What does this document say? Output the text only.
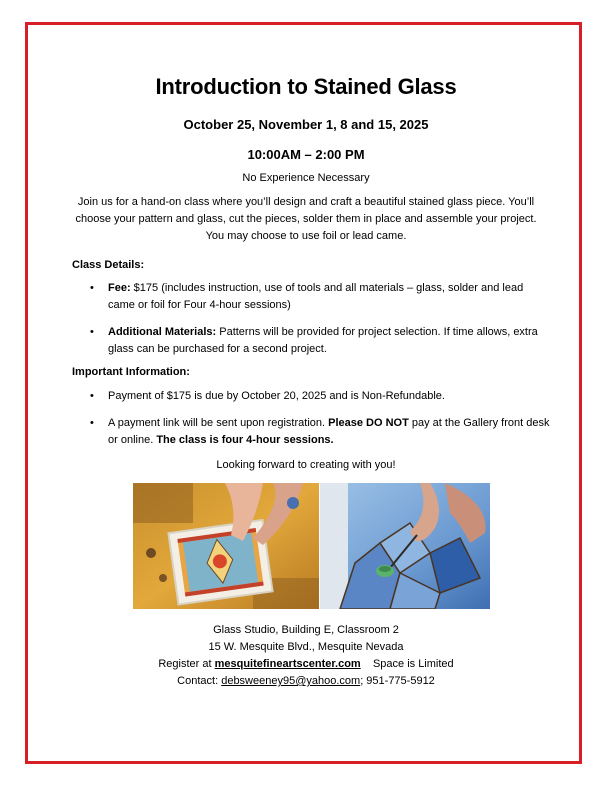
Introduction to Stained Glass
October 25, November 1, 8 and 15, 2025
10:00AM – 2:00 PM
No Experience Necessary
Join us for a hand-on class where you’ll design and craft a beautiful stained glass piece. You’ll choose your pattern and glass, cut the pieces, solder them in place and assemble your project. You may choose to use foil or lead came.
Class Details:
• Fee: $175 (includes instruction, use of tools and all materials – glass, solder and lead came or foil for Four 4-hour sessions)
• Additional Materials: Patterns will be provided for project selection. If time allows, extra glass can be purchased for a second project.
Important Information:
• Payment of $175 is due by October 20, 2025 and is Non-Refundable.
• A payment link will be sent upon registration. Please DO NOT pay at the Gallery front desk or online. The class is four 4-hour sessions.
Looking forward to creating with you!
Glass Studio, Building E, Classroom 2
15 W. Mesquite Blvd., Mesquite Nevada
Register at mesquitefineartscenter.com    Space is Limited
Contact: debsweeney95@yahoo.com; 951-775-5912
